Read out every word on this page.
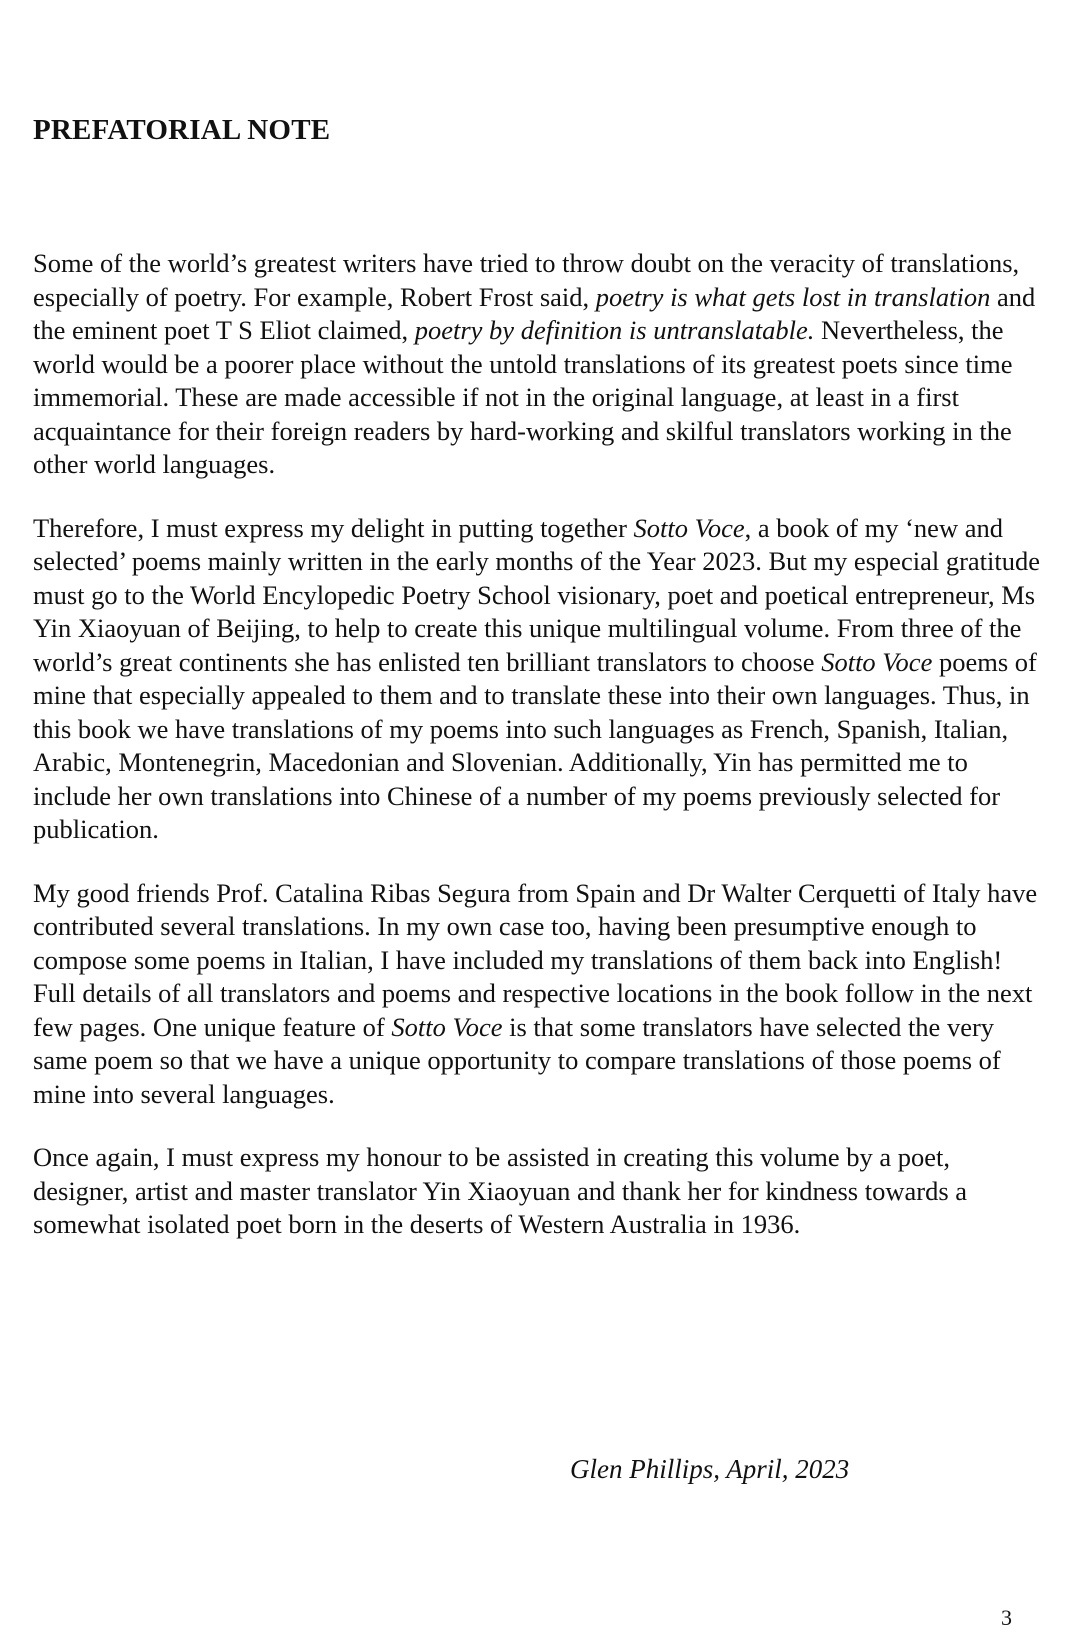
PREFATORIAL NOTE

Some of the world’s greatest writers have tried to throw doubt on the veracity of translations, especially of poetry. For example, Robert Frost said, poetry is what gets lost in translation and the eminent poet T S Eliot claimed, poetry by definition is untranslatable. Nevertheless, the world would be a poorer place without the untold translations of its greatest poets since time immemorial. These are made accessible if not in the original language, at least in a first acquaintance for their foreign readers by hard-working and skilful translators working in the other world languages.

Therefore, I must express my delight in putting together Sotto Voce, a book of my ‘new and selected’ poems mainly written in the early months of the Year 2023. But my especial gratitude must go to the World Encylopedic Poetry School visionary, poet and poetical entrepreneur, Ms Yin Xiaoyuan of Beijing, to help to create this unique multilingual volume. From three of the world’s great continents she has enlisted ten brilliant translators to choose Sotto Voce poems of mine that especially appealed to them and to translate these into their own languages. Thus, in this book we have translations of my poems into such languages as French, Spanish, Italian, Arabic, Montenegrin, Macedonian and Slovenian. Additionally, Yin has permitted me to include her own translations into Chinese of a number of my poems previously selected for publication.

My good friends Prof. Catalina Ribas Segura from Spain and Dr Walter Cerquetti of Italy have contributed several translations. In my own case too, having been presumptive enough to compose some poems in Italian, I have included my translations of them back into English! Full details of all translators and poems and respective locations in the book follow in the next few pages. One unique feature of Sotto Voce is that some translators have selected the very same poem so that we have a unique opportunity to compare translations of those poems of mine into several languages.

Once again, I must express my honour to be assisted in creating this volume by a poet, designer, artist and master translator Yin Xiaoyuan and thank her for kindness towards a somewhat isolated poet born in the deserts of Western Australia in 1936.

Glen Phillips, April, 2023
3
